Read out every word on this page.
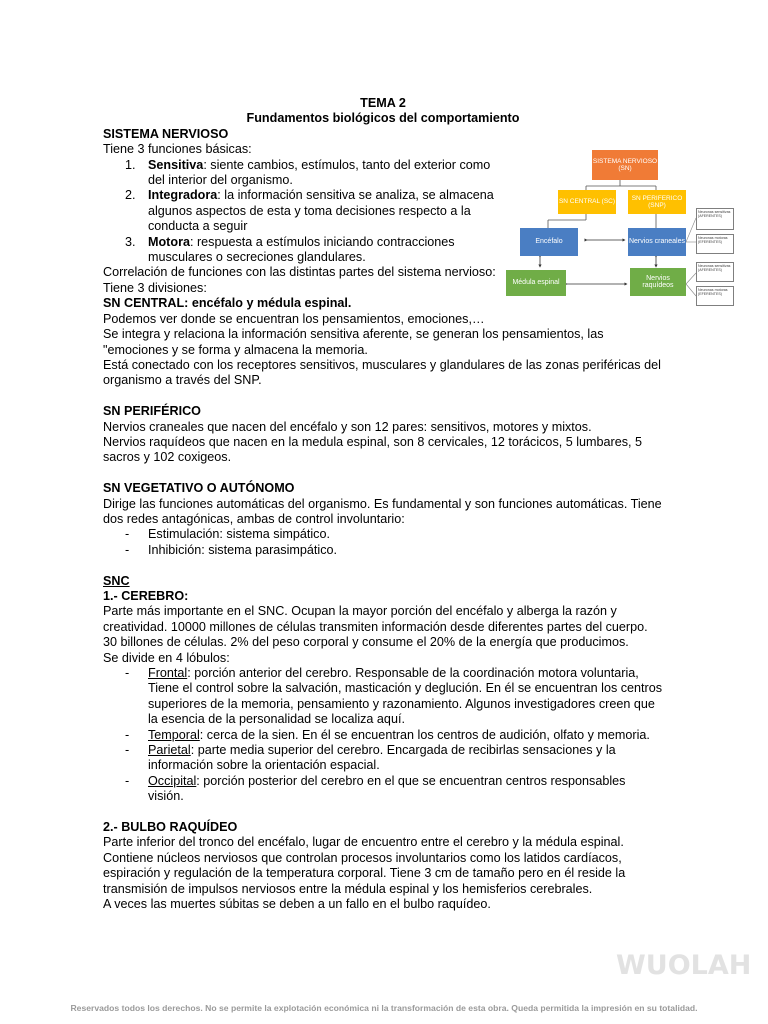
TEMA 2

Fundamentos biológicos del comportamiento

SISTEMA NERVIOSO

Tiene 3 funciones básicas:

1. Sensitiva: siente cambios, estímulos, tanto del exterior como del interior del organismo.
2. Integradora: la información sensitiva se analiza, se almacena algunos aspectos de esta y toma decisiones respecto a la conducta a seguir
3. Motora: respuesta a estímulos iniciando contracciones musculares o secreciones glandulares.

Correlación de funciones con las distintas partes del sistema nervioso:

Tiene 3 divisiones:

SN CENTRAL: encéfalo y médula espinal.

Podemos ver donde se encuentran los pensamientos, emociones,…

Se integra y relaciona la información sensitiva aferente, se generan los pensamientos, las "emociones y se forma y almacena la memoria.

Está conectado con los receptores sensitivos, musculares y glandulares de las zonas periféricas del organismo a través del SNP.

SN PERIFÉRICO

Nervios craneales que nacen del encéfalo y son 12 pares: sensitivos, motores y mixtos.

Nervios raquídeos que nacen en la medula espinal, son 8 cervicales, 12 torácicos, 5 lumbares, 5 sacros y 102 coxigeos.

SN VEGETATIVO O AUTÓNOMO

Dirige las funciones automáticas del organismo. Es fundamental y son funciones automáticas. Tiene dos redes antagónicas, ambas de control involuntario:

- Estimulación: sistema simpático.
- Inhibición: sistema parasimpático.

SNC

1.- CEREBRO:

Parte más importante en el SNC. Ocupan la mayor porción del encéfalo y alberga la razón y creatividad. 10000 millones de células transmiten información desde diferentes partes del cuerpo.

30 billones de células. 2% del peso corporal y consume el 20% de la energía que producimos.

Se divide en 4 lóbulos:

- Frontal: porción anterior del cerebro. Responsable de la coordinación motora voluntaria, Tiene el control sobre la salvación, masticación y deglución. En él se encuentran los centros superiores de la memoria, pensamiento y razonamiento. Algunos investigadores creen que la esencia de la personalidad se localiza aquí.
- Temporal: cerca de la sien. En él se encuentran los centros de audición, olfato y memoria.
- Parietal: parte media superior del cerebro. Encargada de recibirlas sensaciones y la información sobre la orientación espacial.
- Occipital: porción posterior del cerebro en el que se encuentran centros responsables visión.

2.- BULBO RAQUÍDEO

Parte inferior del tronco del encéfalo, lugar de encuentro entre el cerebro y la médula espinal. Contiene núcleos nerviosos que controlan procesos involuntarios como los latidos cardíacos, espiración y regulación de la temperatura corporal. Tiene 3 cm de tamaño pero en él reside la transmisión de impulsos nerviosos entre la médula espinal y los hemisferios cerebrales.

A veces las muertes súbitas se deben a un fallo en el bulbo raquídeo.

SISTEMA NERVIOSO (SN)
SN CENTRAL (SC)
SN PERIFERICO (SNP)
Encéfalo	Nervios craneales
Médula espinal
Nervios raquídeos
Neuronas sensitivas (AFERENTES)
Neuronas motoras (EFERENTES)
Neuronas sensitivas (AFERENTES)
Neuronas motoras (EFERENTES)
WUOLAH
Reservados todos los derechos. No se permite la explotación económica ni la transformación de esta obra. Queda permitida la impresión en su totalidad.
